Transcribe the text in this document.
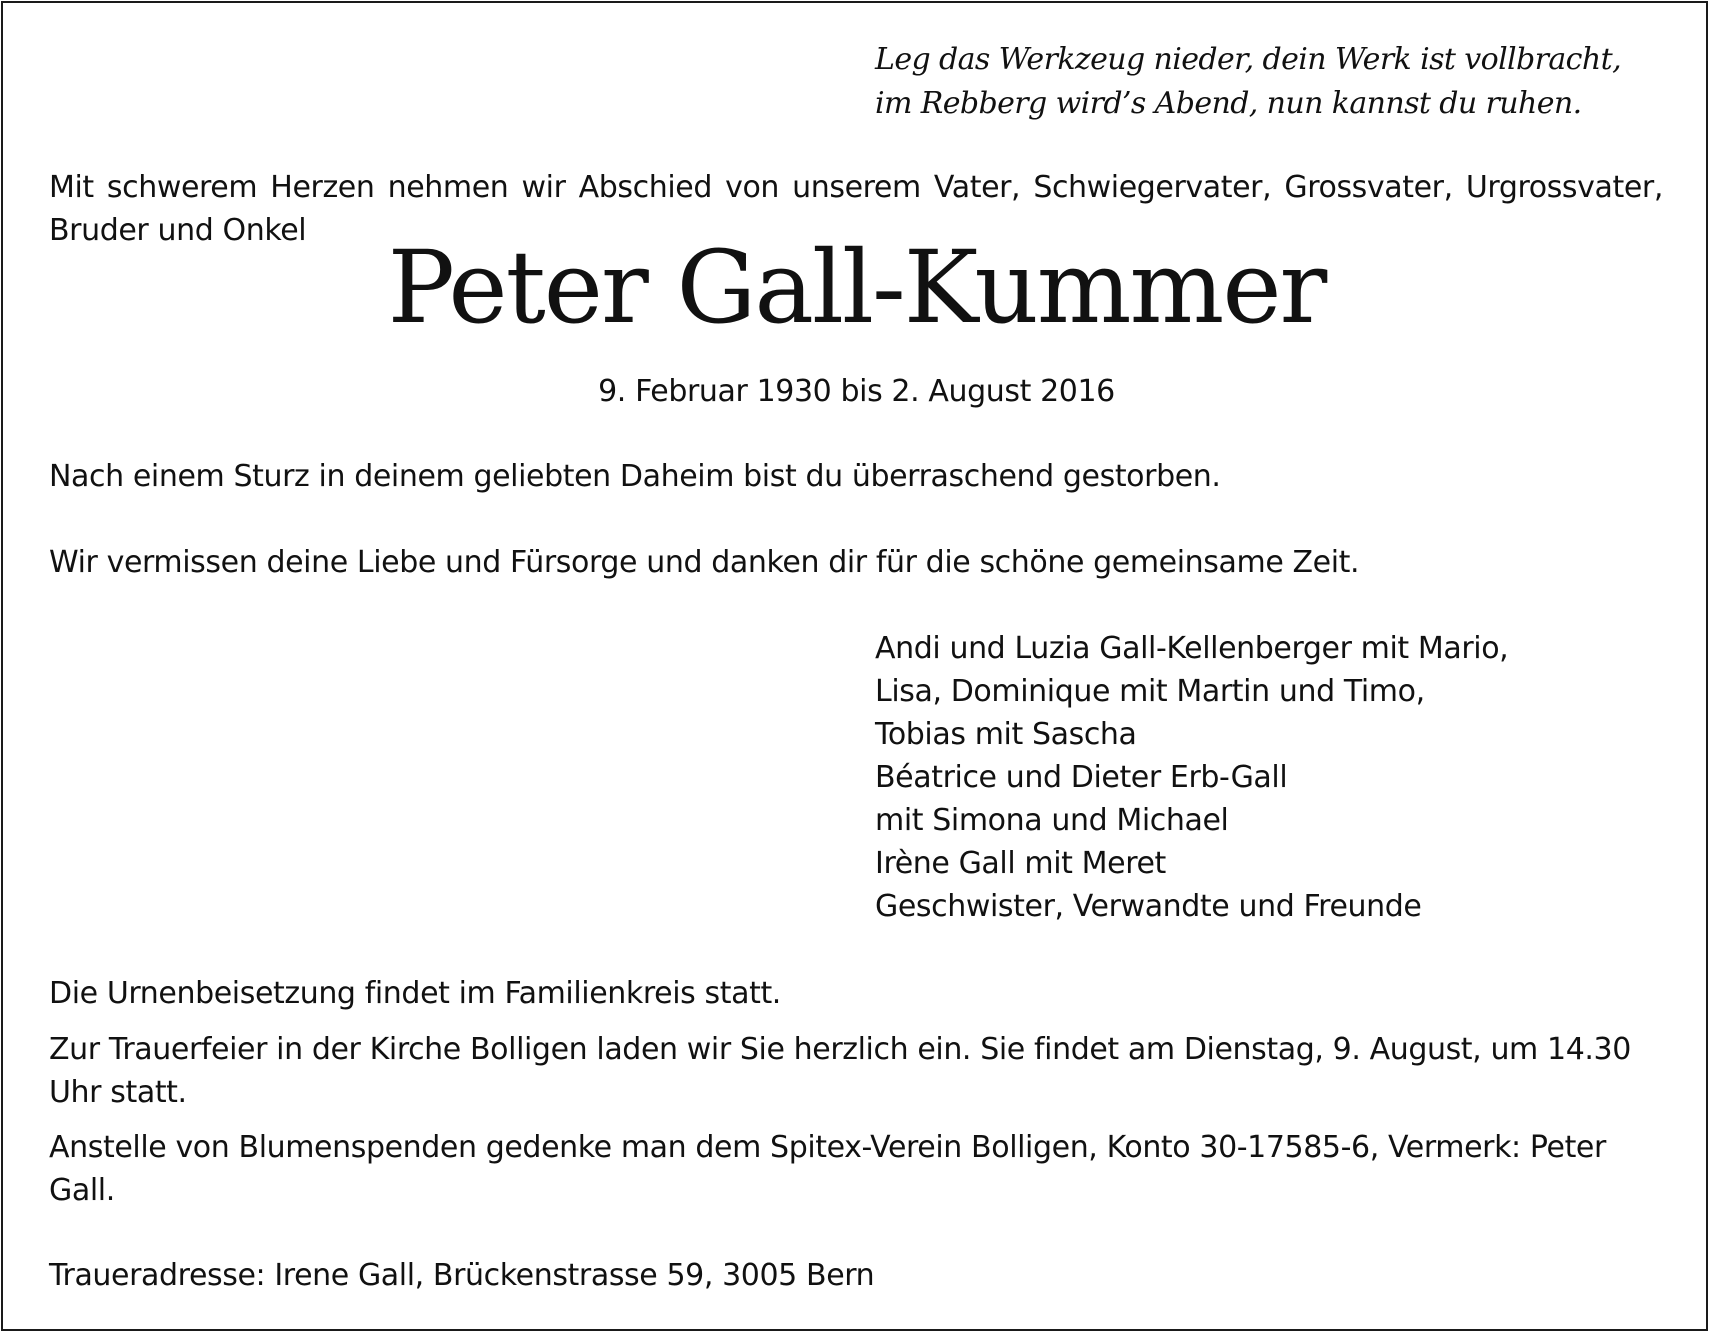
Leg das Werkzeug nieder, dein Werk ist vollbracht,
im Rebberg wird’s Abend, nun kannst du ruhen.
Mit schwerem Herzen nehmen wir Abschied von unserem Vater, Schwiegervater, Grossvater, Urgrossvater,
Bruder und Onkel Peter Gall-Kummer
9. Februar 1930 bis 2. August 2016
Nach einem Sturz in deinem geliebten Daheim bist du überraschend gestorben.
Wir vermissen deine Liebe und Fürsorge und danken dir für die schöne gemeinsame Zeit.
Andi und Luzia Gall-Kellenberger mit Mario,
Lisa, Dominique mit Martin und Timo,
Tobias mit Sascha
Béatrice und Dieter Erb-Gall
mit Simona und Michael
Irène Gall mit Meret
Geschwister, Verwandte und Freunde
Die Urnenbeisetzung findet im Familienkreis statt.
Zur Trauerfeier in der Kirche Bolligen laden wir Sie herzlich ein. Sie findet am Dienstag, 9. August, um 14.30 Uhr statt.
Anstelle von Blumenspenden gedenke man dem Spitex-Verein Bolligen, Konto 30-17585-6, Vermerk: Peter Gall.
Traueradresse: Irene Gall, Brückenstrasse 59, 3005 Bern
